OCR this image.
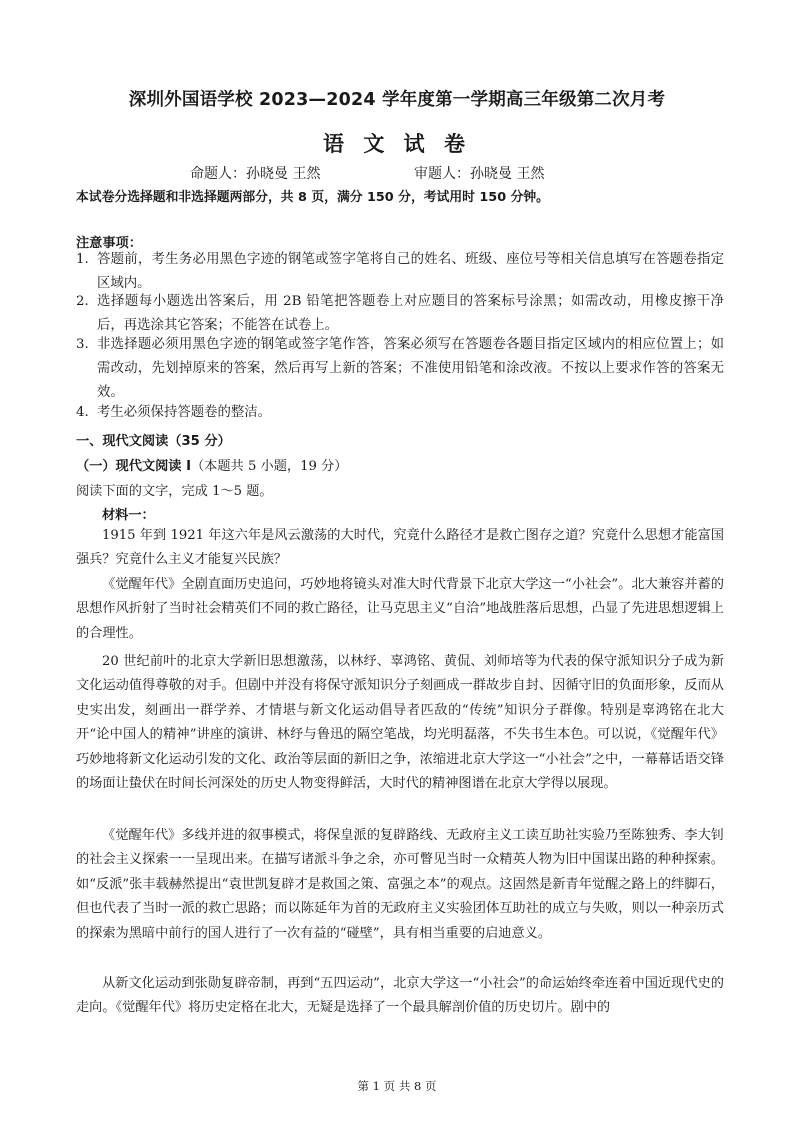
深圳外国语学校 2023—2024 学年度第一学期高三年级第二次月考
语 文 试 卷
命题人：孙晓曼 王然	审题人：孙晓曼 王然
本试卷分选择题和非选择题两部分，共 8 页，满分 150 分，考试用时 150 分钟。
注意事项：
1. 答题前，考生务必用黑色字迹的钢笔或签字笔将自己的姓名、班级、座位号等相关信息填写在答题卷指定区域内。
2. 选择题每小题选出答案后，用 2B 铅笔把答题卷上对应题目的答案标号涂黑；如需改动，用橡皮擦干净后，再选涂其它答案；不能答在试卷上。
3. 非选择题必须用黑色字迹的钢笔或签字笔作答，答案必须写在答题卷各题目指定区域内的相应位置上；如需改动，先划掉原来的答案，然后再写上新的答案；不准使用铅笔和涂改液。不按以上要求作答的答案无效。
4. 考生必须保持答题卷的整洁。
一、现代文阅读（35 分）
（一）现代文阅读 I（本题共 5 小题，19 分）
阅读下面的文字，完成 1～5 题。
材料一：
1915 年到 1921 年这六年是风云激荡的大时代，究竟什么路径才是救亡图存之道？究竟什么思想才能富国强兵？究竟什么主义才能复兴民族？
《觉醒年代》全剧直面历史追问，巧妙地将镜头对准大时代背景下北京大学这一“小社会”。北大兼容并蓄的思想作风折射了当时社会精英们不同的救亡路径，让马克思主义“自洽”地战胜落后思想，凸显了先进思想逻辑上的合理性。
20 世纪前叶的北京大学新旧思想激荡，以林纾、辜鸿铭、黄侃、刘师培等为代表的保守派知识分子成为新文化运动值得尊敬的对手。但剧中并没有将保守派知识分子刻画成一群故步自封、因循守旧的负面形象，反而从史实出发，刻画出一群学养、才情堪与新文化运动倡导者匹敌的“传统”知识分子群像。特别是辜鸿铭在北大开“论中国人的精神”讲座的演讲、林纾与鲁迅的隔空笔战，均光明磊落，不失书生本色。可以说，《觉醒年代》巧妙地将新文化运动引发的文化、政治等层面的新旧之争，浓缩进北京大学这一“小社会”之中，一幕幕话语交锋的场面让蛰伏在时间长河深处的历史人物变得鲜活，大时代的精神图谱在北京大学得以展现。
《觉醒年代》多线并进的叙事模式，将保皇派的复辟路线、无政府主义工读互助社实验乃至陈独秀、李大钊的社会主义探索一一呈现出来。在描写诸派斗争之余，亦可瞥见当时一众精英人物为旧中国谋出路的种种探索。如“反派”张丰载赫然提出“袁世凯复辟才是救国之策、富强之本”的观点。这固然是新青年觉醒之路上的绊脚石，但也代表了当时一派的救亡思路；而以陈延年为首的无政府主义实验团体互助社的成立与失败，则以一种亲历式的探索为黑暗中前行的国人进行了一次有益的“碰壁”，具有相当重要的启迪意义。
从新文化运动到张勋复辟帝制，再到“五四运动”，北京大学这一“小社会”的命运始终牵连着中国近现代史的走向。《觉醒年代》将历史定格在北大，无疑是选择了一个最具解剖价值的历史切片。剧中的
第 1 页 共 8 页
